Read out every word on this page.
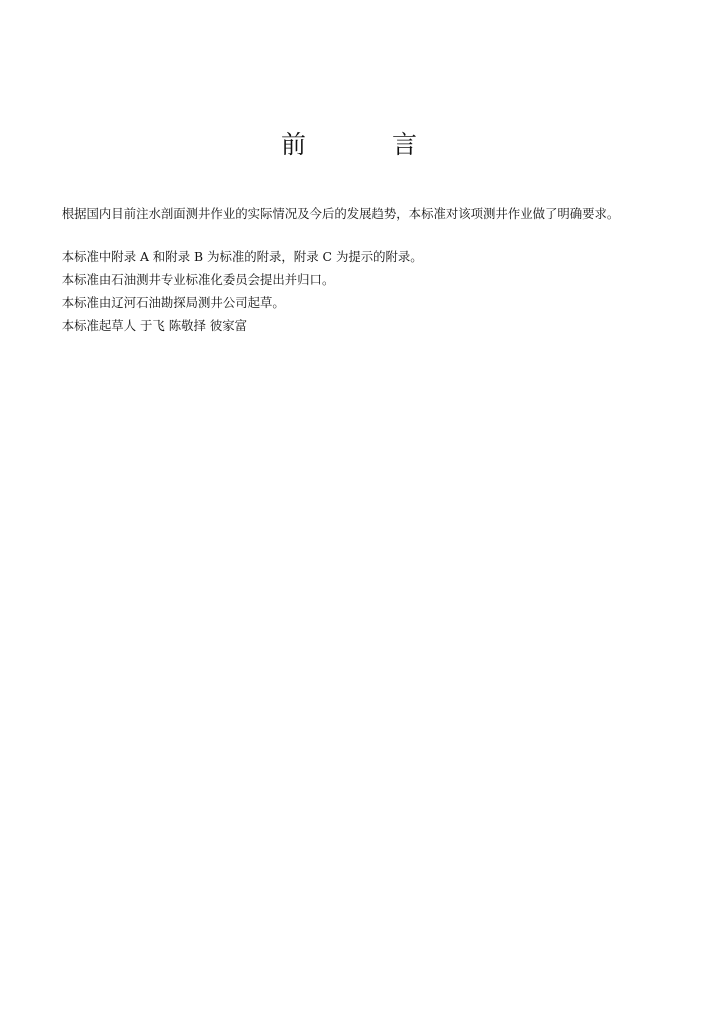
前	言

根据国内目前注水剖面测井作业的实际情况及今后的发展趋势，本标准对该项测井作业做了明确要求。

本标准中附录 A 和附录 B 为标准的附录，附录 C 为提示的附录。

本标准由石油测井专业标准化委员会提出并归口。

本标准由辽河石油勘探局测井公司起草。

本标准起草人 于飞 陈敬择 彼家富
